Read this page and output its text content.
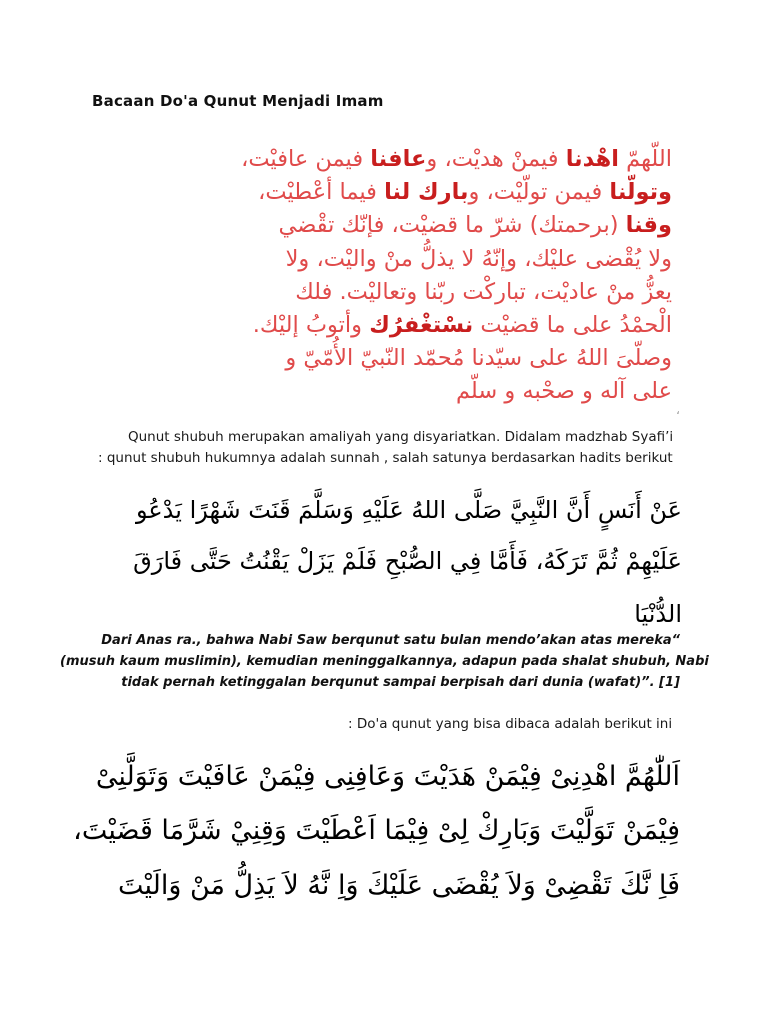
Bacaan Do'a Qunut Menjadi Imam
اللّهمّ اهْدنا فيمنْ هديْت، وعافنا فيمن عافيْت،
وتولّنا فيمن تولّيْت، وبارك لنا فيما أعْطيْت،
وقنا (برحمتك) شرّ ما قضيْت، فإنّك تقْضي
ولا يُقْضى عليْك، وإنّهُ لا يذلُّ منْ واليْت، ولا
يعزُّ منْ عاديْت، تباركْت ربّنا وتعاليْت. فلك
الْحمْدُ على ما قضيْت نسْتغْفرُك وأتوبُ إليْك.
وصلّىَ اللهُ على سيّدنا مُحمّد النّبيّ الأُمّيّ و
على آله و صحْبه و سلّم
،
Qunut shubuh merupakan amaliyah yang disyariatkan. Didalam madzhab Syafi’i
: qunut shubuh hukumnya adalah sunnah , salah satunya berdasarkan hadits berikut
عَنْ أَنَسٍ أَنَّ النَّبِيَّ صَلَّى اللهُ عَلَيْهِ وَسَلَّمَ قَنَتَ شَهْرًا يَدْعُو
عَلَيْهِمْ ثُمَّ تَرَكَهُ، فَأَمَّا فِي الصُّبْحِ فَلَمْ يَزَلْ يَقْنُتُ حَتَّى فَارَقَ
الدُّنْيَا
Dari Anas ra., bahwa Nabi Saw berqunut satu bulan mendo’akan atas mereka“
(musuh kaum muslimin), kemudian meninggalkannya, adapun pada shalat shubuh, Nabi
tidak pernah ketinggalan berqunut sampai berpisah dari dunia (wafat)”. [1]
: Do'a qunut yang bisa dibaca adalah berikut ini
اَللّٰهُمَّ اهْدِنِىْ فِيْمَنْ هَدَيْتَ وَعَافِنِى فِيْمَنْ عَافَيْتَ وَتَوَلَّنِىْ
فِيْمَنْ تَوَلَّيْتَ وَبَارِكْ لِىْ فِيْمَا اَعْطَيْتَ وَقِنِيْ شَرَّمَا قَضَيْتَ،
فَاِ نَّكَ تَقْضِىْ وَلاَ يُقْضَى عَلَيْكَ وَاِ نَّهُ لاَ يَذِلُّ مَنْ وَالَيْتَ
